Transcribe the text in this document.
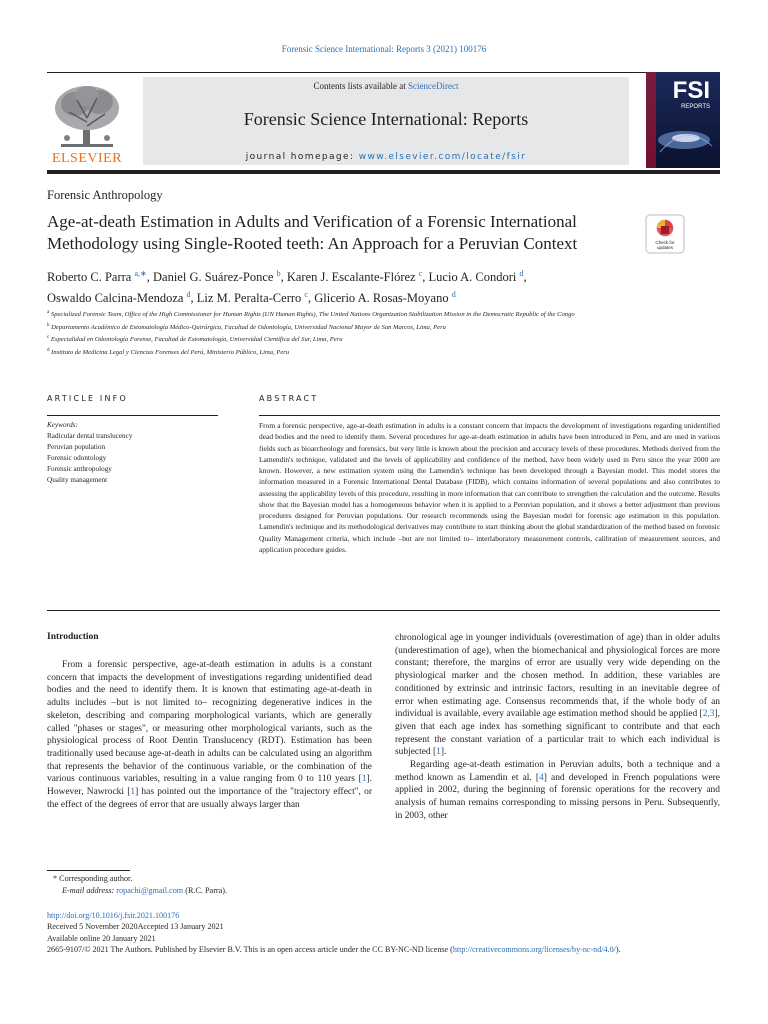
Forensic Science International: Reports 3 (2021) 100176
ELSEVIER
Contents lists available at ScienceDirect
Forensic Science International: Reports
journal homepage: www.elsevier.com/locate/fsir
FSI
REPORTS
Forensic Anthropology
Age-at-death Estimation in Adults and Verification of a Forensic International
Methodology using Single-Rooted teeth: An Approach for a Peruvian Context	Check for
updates
Roberto C. Parra $^{a,∗}$, Daniel G. Suárez-Ponce $^b$, Karen J. Escalante-Flórez $^c$, Lucio A. Condori $^d$,
Oswaldo Calcina-Mendoza $^d$, Liz M. Peralta-Cerro $^c$, Glicerio A. Rosas-Moyano $^d$
$^a$ Specialized Forensic Team, Office of the High Commissioner for Human Rights (UN Human Rights), The United Nations Organization Stabilization Mission in the Democratic Republic of the Congo
$^b$ Departamento Académico de Estomatología Médico-Quirúrgica, Facultad de Odontología, Universidad Nacional Mayor de San Marcos, Lima, Peru
$^c$ Especialidad en Odontología Forense, Facultad de Estomatología, Universidad Científica del Sur, Lima, Peru
$^d$ Instituto de Medicina Legal y Ciencias Forenses del Perú, Ministerio Público, Lima, Peru
ARTICLE INFO	ABSTRACT
Keywords:
Radicular dental translucency
Peruvian population
Forensic odontology
Forensic anthropology
Quality management
From a forensic perspective, age-at-death estimation in adults is a constant concern that impacts the development of investigations regarding unidentified dead bodies and the need to identify them. Several procedures for age-at-death estimation in adults have been introduced in Peru, and are used in various fields such as bioarcheology and forensics, but very little is known about the precision and accuracy levels of these procedures. Methods derived from the Lamendin's technique, validated and the levels of applicability and confidence of the method, have been widely used in Peru since the year 2000 are known. However, a new estimation system using the Lamendin's technique has been developed through a Bayesian model. This model stores the information measured in a Forensic International Dental Database (FIDB), which contains information of several populations and also contributes to assessing the applicability levels of this procedure, resulting in more information that can contribute to strengthen the calculation and the outcome. Results show that the Bayesian model has a homogeneous behavior when it is applied to a Peruvian population, and it shows a better adjustment than previous procedures designed for Peruvian populations. Our research recommends using the Bayesian model for forensic age estimation in this population. Lamendin's technique and its methodological derivatives may contribute to start thinking about the global standardization of the method based on forensic Quality Management criteria, which include –but are not limited to– interlaboratory measurement controls, calibration of measurement sources, and application procedure guides.
Introduction

From a forensic perspective, age-at-death estimation in adults is a constant concern that impacts the development of investigations regarding unidentified dead bodies and the need to identify them. It is known that estimating age-at-death in adults includes –but is not limited to– recognizing degenerative indices in the skeleton, describing and comparing morphological variants, which are generally called "phases or stages", or measuring other morphological variants, such as the physiological process of Root Dentin Translucency (RDT). Estimation has been traditionally used because age-at-death in adults can be calculated using an algorithm that represents the behavior of the continuous variable, or the combination of the various continuous variables, resulting in a value ranging from 0 to 110 years [1]. However, Nawrocki [1] has pointed out the importance of the "trajectory effect", or the effect of the degrees of error that are usually always larger than

chronological age in younger individuals (overestimation of age) than in older adults (underestimation of age), when the biomechanical and physiological forces are more constant; therefore, the margins of error are usually very wide depending on the physiological marker and the chosen method. In addition, these variables are conditioned by extrinsic and intrinsic factors, resulting in an inevitable degree of error when estimating age. Consensus recommends that, if the whole body of an individual is available, every available age estimation method should be applied [2,3], given that each age index has something significant to contribute and that each represent the constant variation of a particular trait to which each individual is subjected [1].

Regarding age-at-death estimation in Peruvian adults, both a technique and a method known as Lamendin et al. [4] and developed in French populations were applied in 2002, during the beginning of forensic operations for the recovery and analysis of human remains corresponding to missing persons in Peru. Subsequently, in 2003, other

* Corresponding author.
E-mail address: ropachi@gmail.com (R.C. Parra).
http://doi.org/10.1016/j.fsir.2021.100176
Received 5 November 2020Accepted 13 January 2021
Available online 20 January 2021
2665-9107/© 2021 The Authors. Published by Elsevier B.V. This is an open access article under the CC BY-NC-ND license (http://creativecommons.org/licenses/by-nc-nd/4.0/).
